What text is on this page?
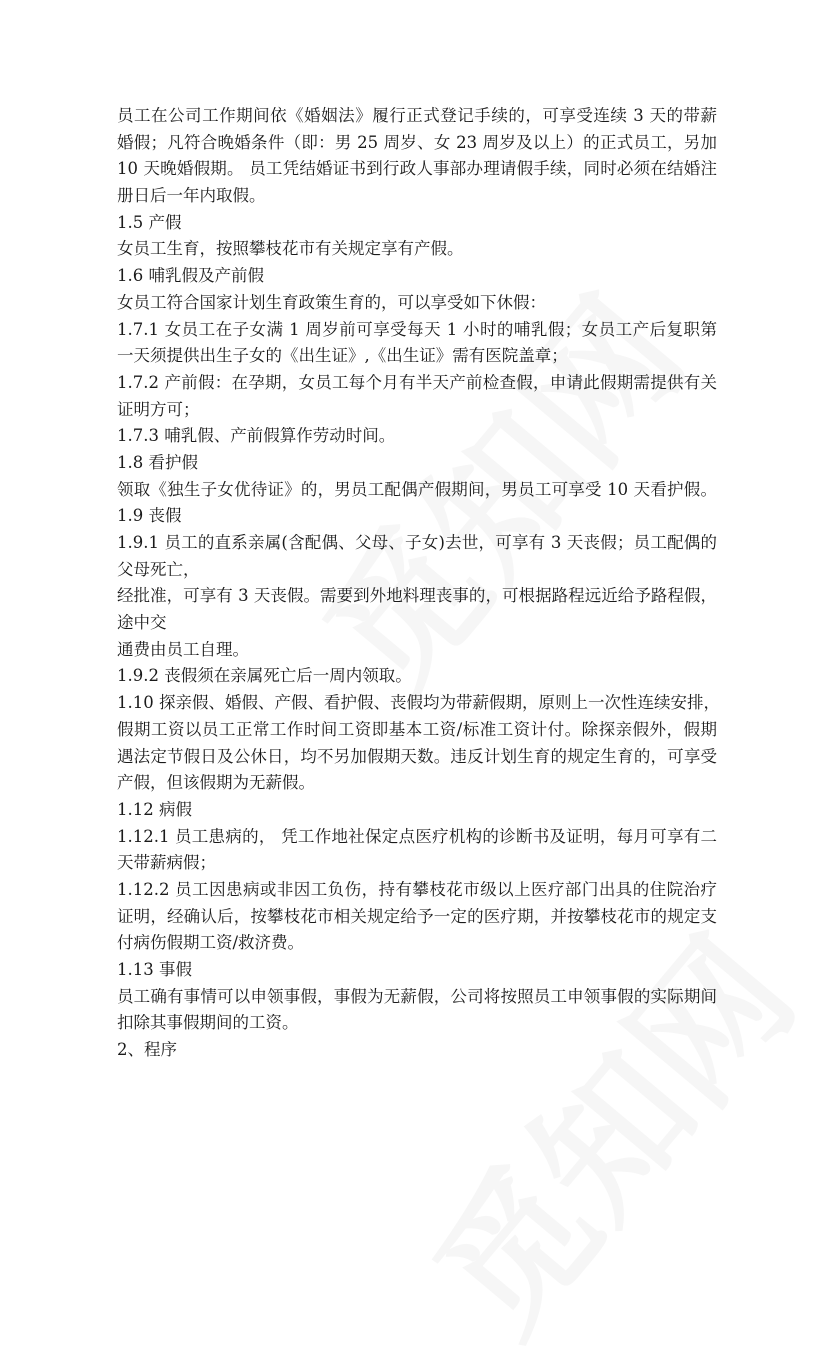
员工在公司工作期间依《婚姻法》履行正式登记手续的，可享受连续 3 天的带薪
婚假；凡符合晚婚条件（即：男 25 周岁、女 23 周岁及以上）的正式员工，另加
10 天晚婚假期。 员工凭结婚证书到行政人事部办理请假手续，同时必须在结婚注
册日后一年内取假。
1.5 产假
女员工生育，按照攀枝花市有关规定享有产假。
1.6 哺乳假及产前假
女员工符合国家计划生育政策生育的，可以享受如下休假：
1.7.1 女员工在子女满 1 周岁前可享受每天 1 小时的哺乳假；女员工产后复职第
一天须提供出生子女的《出生证》,《出生证》需有医院盖章；
1.7.2 产前假：在孕期，女员工每个月有半天产前检查假，申请此假期需提供有关
证明方可；
1.7.3 哺乳假、产前假算作劳动时间。
1.8 看护假
领取《独生子女优待证》的，男员工配偶产假期间，男员工可享受 10 天看护假。
1.9 丧假
1.9.1 员工的直系亲属(含配偶、父母、子女)去世，可享有 3 天丧假；员工配偶的
父母死亡，
经批准，可享有 3 天丧假。需要到外地料理丧事的，可根据路程远近给予路程假，
途中交
通费由员工自理。
1.9.2 丧假须在亲属死亡后一周内领取。
1.10 探亲假、婚假、产假、看护假、丧假均为带薪假期，原则上一次性连续安排，
假期工资以员工正常工作时间工资即基本工资/标准工资计付。除探亲假外，假期
遇法定节假日及公休日，均不另加假期天数。违反计划生育的规定生育的，可享受
产假，但该假期为无薪假。
1.12 病假
1.12.1 员工患病的， 凭工作地社保定点医疗机构的诊断书及证明，每月可享有二
天带薪病假；
1.12.2 员工因患病或非因工负伤，持有攀枝花市级以上医疗部门出具的住院治疗
证明，经确认后，按攀枝花市相关规定给予一定的医疗期，并按攀枝花市的规定支
付病伤假期工资/救济费。
1.13 事假
员工确有事情可以申领事假，事假为无薪假，公司将按照员工申领事假的实际期间
扣除其事假期间的工资。
2、程序
